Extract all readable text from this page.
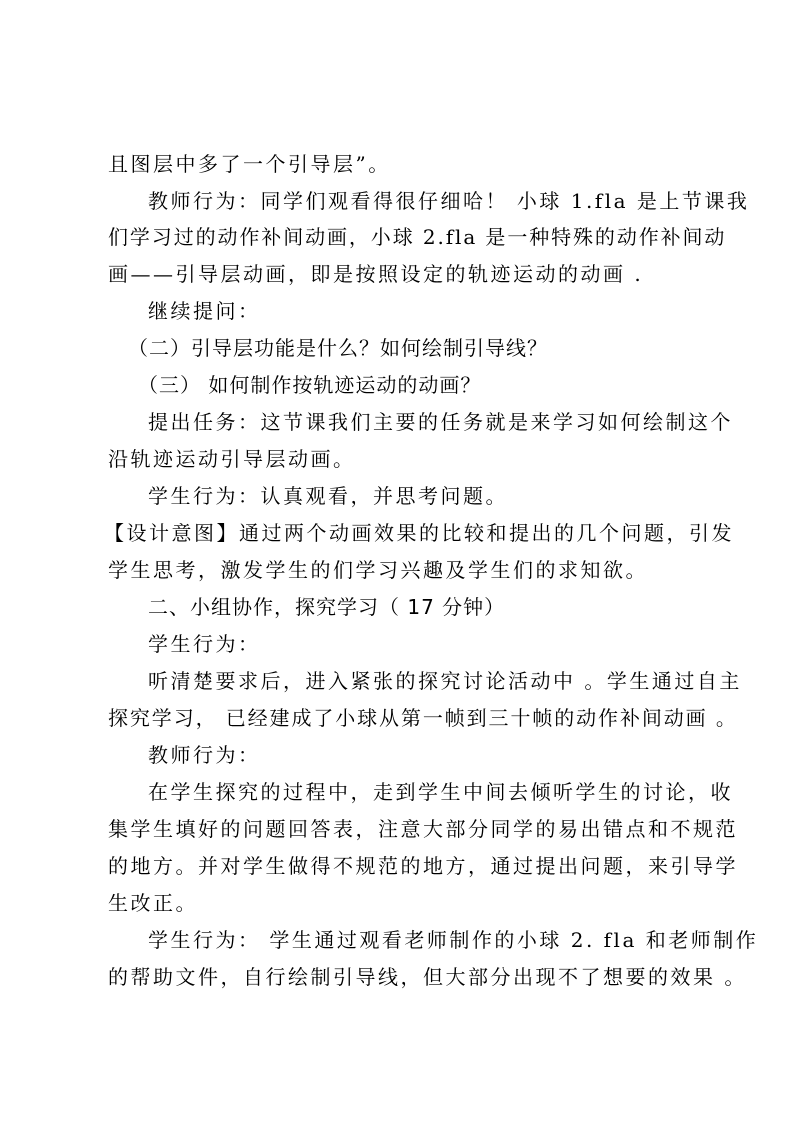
且图层中多了一个引导层”。
教师行为：同学们观看得很仔细哈！ 小球 1.fla 是上节课我
们学习过的动作补间动画，小球 2.fla 是一种特殊的动作补间动
画——引导层动画，即是按照设定的轨迹运动的动画 .
继续提问：
（二）引导层功能是什么？如何绘制引导线？
（三） 如何制作按轨迹运动的动画？
提出任务：这节课我们主要的任务就是来学习如何绘制这个
沿轨迹运动引导层动画。
学生行为：认真观看，并思考问题。
【设计意图】通过两个动画效果的比较和提出的几个问题，引发
学生思考，激发学生的们学习兴趣及学生们的求知欲。
二、小组协作，探究学习（ 17 分钟）
学生行为：
听清楚要求后，进入紧张的探究讨论活动中 。学生通过自主
探究学习， 已经建成了小球从第一帧到三十帧的动作补间动画 。
教师行为：
在学生探究的过程中，走到学生中间去倾听学生的讨论，收
集学生填好的问题回答表，注意大部分同学的易出错点和不规范
的地方。并对学生做得不规范的地方，通过提出问题，来引导学
生改正。
学生行为： 学生通过观看老师制作的小球 2. fla 和老师制作
的帮助文件，自行绘制引导线，但大部分出现不了想要的效果 。
